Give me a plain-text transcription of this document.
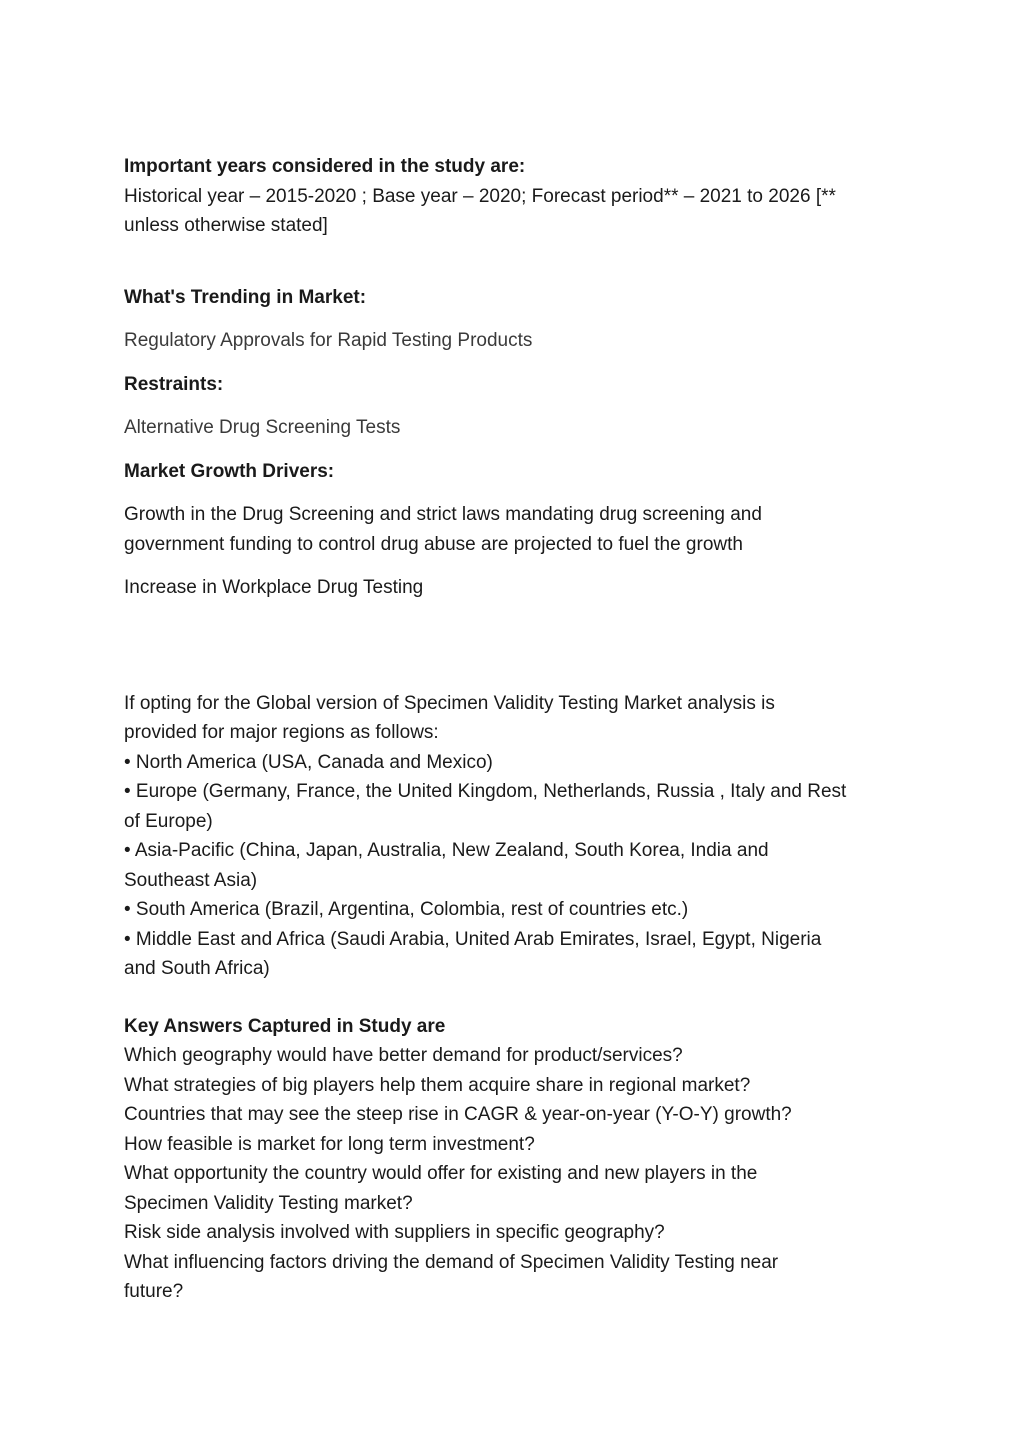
Important years considered in the study are:
Historical year – 2015-2020 ; Base year – 2020; Forecast period** – 2021 to 2026 [**
unless otherwise stated]
What's Trending in Market:
Regulatory Approvals for Rapid Testing Products
Restraints:
Alternative Drug Screening Tests
Market Growth Drivers:
Growth in the Drug Screening and strict laws mandating drug screening and
government funding to control drug abuse are projected to fuel the growth
Increase in Workplace Drug Testing
If opting for the Global version of Specimen Validity Testing Market analysis is
provided for major regions as follows:
• North America (USA, Canada and Mexico)
• Europe (Germany, France, the United Kingdom, Netherlands, Russia , Italy and Rest
of Europe)
• Asia-Pacific (China, Japan, Australia, New Zealand, South Korea, India and
Southeast Asia)
• South America (Brazil, Argentina, Colombia, rest of countries etc.)
• Middle East and Africa (Saudi Arabia, United Arab Emirates, Israel, Egypt, Nigeria
and South Africa)
Key Answers Captured in Study are
Which geography would have better demand for product/services?
What strategies of big players help them acquire share in regional market?
Countries that may see the steep rise in CAGR & year-on-year (Y-O-Y) growth?
How feasible is market for long term investment?
What opportunity the country would offer for existing and new players in the
Specimen Validity Testing market?
Risk side analysis involved with suppliers in specific geography?
What influencing factors driving the demand of Specimen Validity Testing near
future?
